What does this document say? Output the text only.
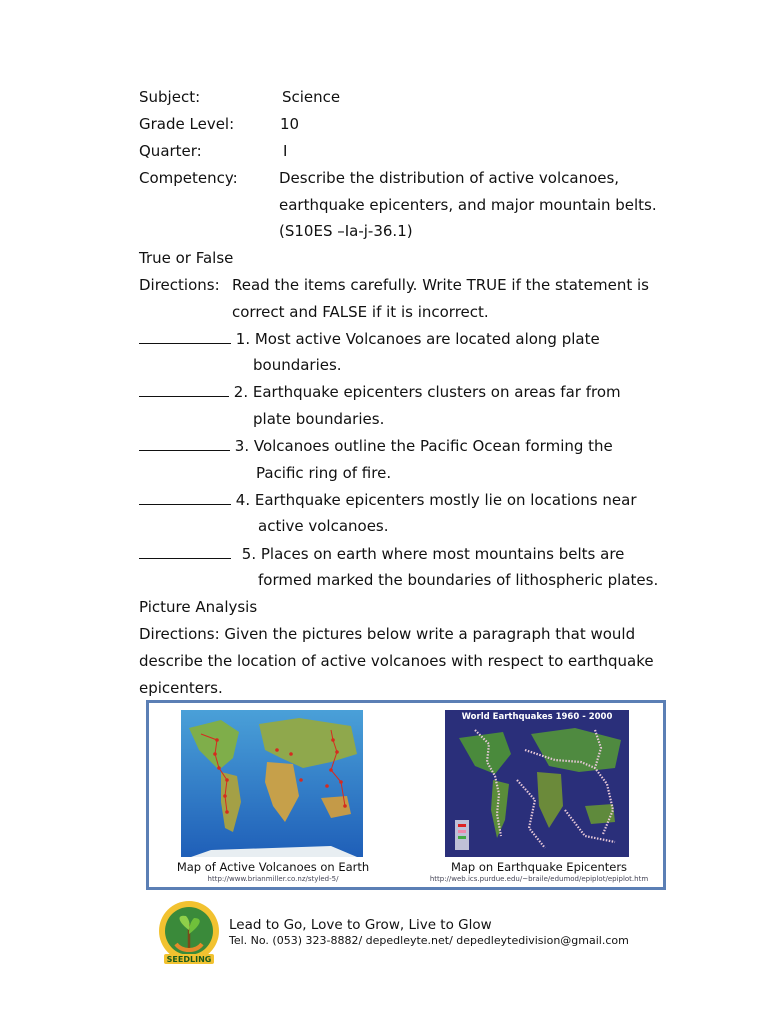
Subject:	Science
Grade Level:	10
Quarter:	I
Competency:	Describe the distribution of active volcanoes,
earthquake epicenters, and major mountain belts.
(S10ES –Ia-j-36.1)
True or False
Directions: Read the items carefully. Write TRUE if the statement is
correct and FALSE if it is incorrect.
1. Most active Volcanoes are located along plate
boundaries.
2. Earthquake epicenters clusters on areas far from
plate boundaries.
3. Volcanoes outline the Pacific Ocean forming the
Pacific ring of fire.
4. Earthquake epicenters mostly lie on locations near
active volcanoes.
5. Places on earth where most mountains belts are
formed marked the boundaries of lithospheric plates.
Picture Analysis
Directions: Given the pictures below write a paragraph that would
describe the location of active volcanoes with respect to earthquake
epicenters.
World Earthquakes 1960 - 2000
Map of Active Volcanoes on Earth
http://www.brianmiller.co.nz/styled-5/
Map on Earthquake Epicenters
http://web.ics.purdue.edu/~braile/edumod/epiplot/epiplot.htm
SEEDLING
Lead to Go, Love to Grow, Live to Glow
Tel. No. (053) 323-8882/ depedleyte.net/ depedleytedivision@gmail.com
